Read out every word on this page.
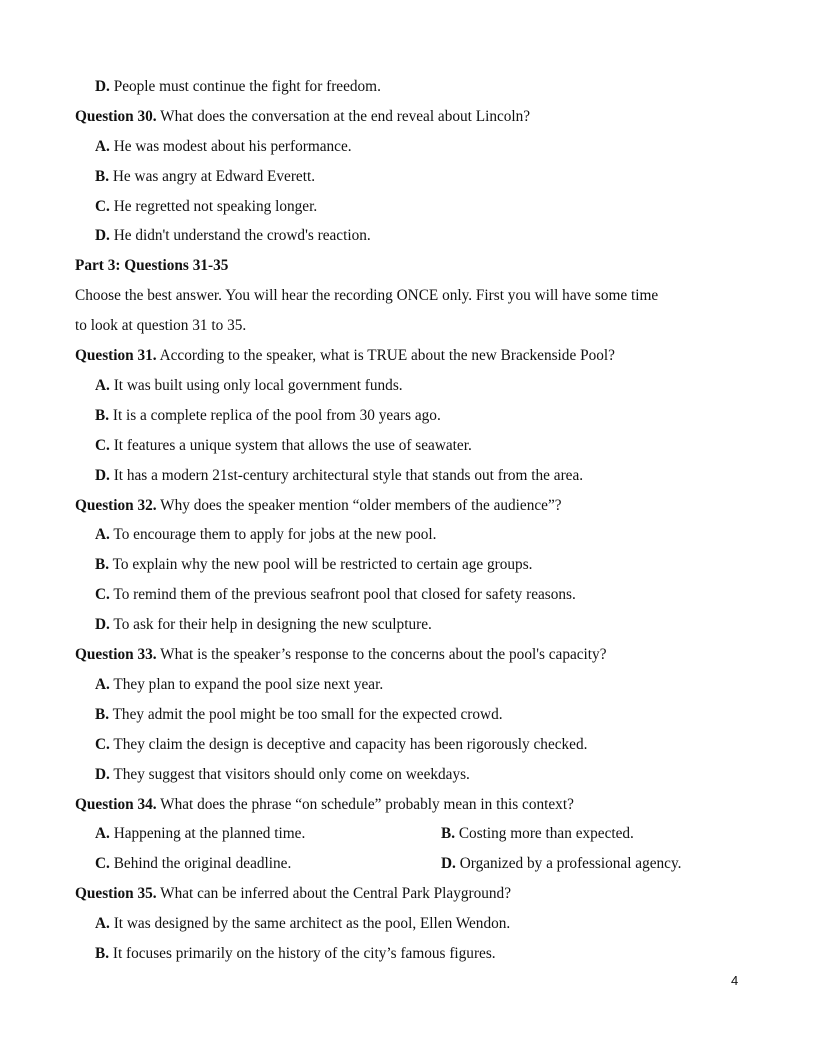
D. People must continue the fight for freedom.
Question 30. What does the conversation at the end reveal about Lincoln?
A. He was modest about his performance.
B. He was angry at Edward Everett.
C. He regretted not speaking longer.
D. He didn't understand the crowd's reaction.
Part 3: Questions 31-35
Choose the best answer. You will hear the recording ONCE only. First you will have some time
to look at question 31 to 35.
Question 31. According to the speaker, what is TRUE about the new Brackenside Pool?
A. It was built using only local government funds.
B. It is a complete replica of the pool from 30 years ago.
C. It features a unique system that allows the use of seawater.
D. It has a modern 21st-century architectural style that stands out from the area.
Question 32. Why does the speaker mention “older members of the audience”?
A. To encourage them to apply for jobs at the new pool.
B. To explain why the new pool will be restricted to certain age groups.
C. To remind them of the previous seafront pool that closed for safety reasons.
D. To ask for their help in designing the new sculpture.
Question 33. What is the speaker’s response to the concerns about the pool's capacity?
A. They plan to expand the pool size next year.
B. They admit the pool might be too small for the expected crowd.
C. They claim the design is deceptive and capacity has been rigorously checked.
D. They suggest that visitors should only come on weekdays.
Question 34. What does the phrase “on schedule” probably mean in this context?
A. Happening at the planned time.	B. Costing more than expected.
C. Behind the original deadline.	D. Organized by a professional agency.
Question 35. What can be inferred about the Central Park Playground?
A. It was designed by the same architect as the pool, Ellen Wendon.
B. It focuses primarily on the history of the city’s famous figures.
4
